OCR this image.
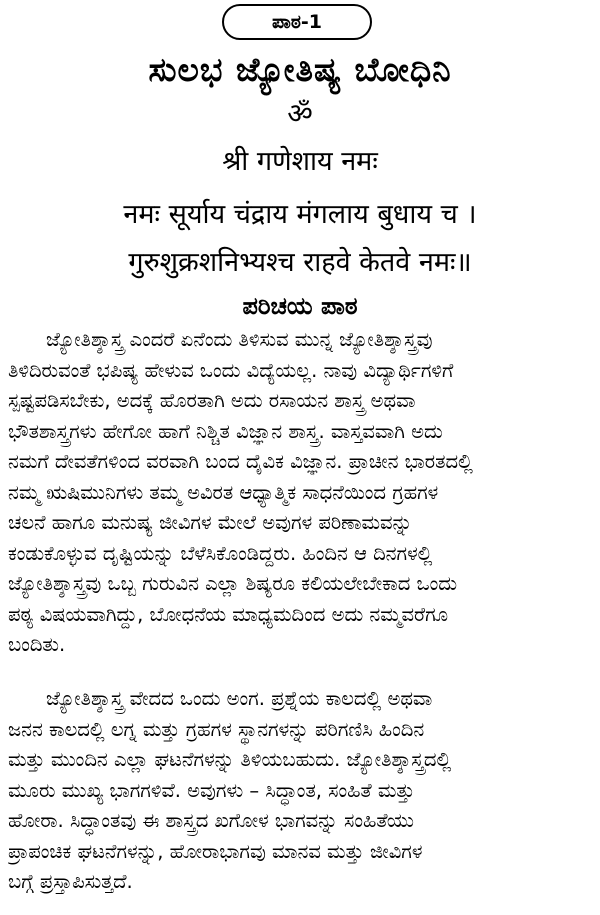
ಪಾಠ-1
ಸುಲಭ ಜ್ಯೋತಿಷ್ಯ ಬೋಧಿನಿ
ॐ
श्री गणेशाय नमः
नमः सूर्याय चंद्राय मंगलाय बुधाय च ।
गुरुशुक्रशनिभ्यश्च राहवे केतवे नमः॥
ಪರಿಚಯ ಪಾಠ
ಜ್ಯೋತಿಶ್ಶಾಸ್ತ್ರ ಎಂದರೆ ಏನೆಂದು ತಿಳಿಸುವ ಮುನ್ನ ಜ್ಯೋತಿಶ್ಶಾಸ್ತ್ರವು
ತಿಳಿದಿರುವಂತೆ ಭಪಿಷ್ಯ ಹೇಳುವ ಒಂದು ವಿದ್ಯೆಯಲ್ಲ. ನಾವು ವಿದ್ಯಾರ್ಥಿಗಳಿಗೆ
ಸ್ಪಷ್ಟಪಡಿಸಬೇಕು, ಅದಕ್ಕೆ ಹೊರತಾಗಿ ಅದು ರಸಾಯನ ಶಾಸ್ತ್ರ ಅಥವಾ
ಭೌತಶಾಸ್ತ್ರಗಳು ಹೇಗೋ ಹಾಗೆ ನಿಶ್ಚಿತ ವಿಜ್ಞಾನ ಶಾಸ್ತ್ರ. ವಾಸ್ತವವಾಗಿ ಅದು
ನಮಗೆ ದೇವತೆಗಳಿಂದ ವರವಾಗಿ ಬಂದ ದೈವಿಕ ವಿಜ್ಞಾನ. ಪ್ರಾಚೀನ ಭಾರತದಲ್ಲಿ
ನಮ್ಮ ಋಷಿಮುನಿಗಳು ತಮ್ಮ ಅವಿರತ ಆಧ್ಯಾತ್ಮಿಕ ಸಾಧನೆಯಿಂದ ಗ್ರಹಗಳ
ಚಲನೆ ಹಾಗೂ ಮನುಷ್ಯ ಜೀವಿಗಳ ಮೇಲೆ ಅವುಗಳ ಪರಿಣಾಮವನ್ನು
ಕಂಡುಕೊಳ್ಳುವ ದೃಷ್ಟಿಯನ್ನು ಬೆಳೆಸಿಕೊಂಡಿದ್ದರು. ಹಿಂದಿನ ಆ ದಿನಗಳಲ್ಲಿ
ಜ್ಯೋತಿಶ್ಶಾಸ್ತ್ರವು ಒಬ್ಬ ಗುರುವಿನ ಎಲ್ಲಾ ಶಿಷ್ಯರೂ ಕಲಿಯಲೇಬೇಕಾದ ಒಂದು
ಪಠ್ಯ ವಿಷಯವಾಗಿದ್ದು, ಬೋಧನೆಯ ಮಾಧ್ಯಮದಿಂದ ಅದು ನಮ್ಮವರೆಗೂ
ಬಂದಿತು.
ಜ್ಯೋತಿಶ್ಶಾಸ್ತ್ರ ವೇದದ ಒಂದು ಅಂಗ. ಪ್ರಶ್ನೆಯ ಕಾಲದಲ್ಲಿ ಅಥವಾ
ಜನನ ಕಾಲದಲ್ಲಿ ಲಗ್ನ ಮತ್ತು ಗ್ರಹಗಳ ಸ್ಥಾನಗಳನ್ನು ಪರಿಗಣಿಸಿ ಹಿಂದಿನ
ಮತ್ತು ಮುಂದಿನ ಎಲ್ಲಾ ಘಟನೆಗಳನ್ನು ತಿಳಿಯಬಹುದು. ಜ್ಯೋತಿಶ್ಶಾಸ್ತ್ರದಲ್ಲಿ
ಮೂರು ಮುಖ್ಯ ಭಾಗಗಳಿವೆ. ಅವುಗಳು – ಸಿದ್ಧಾಂತ, ಸಂಹಿತೆ ಮತ್ತು
ಹೋರಾ. ಸಿದ್ಧಾಂತವು ಈ ಶಾಸ್ತ್ರದ ಖಗೋಳ ಭಾಗವನ್ನು ಸಂಹಿತೆಯು
ಪ್ರಾಪಂಚಿಕ ಘಟನೆಗಳನ್ನು, ಹೋರಾಭಾಗವು ಮಾನವ ಮತ್ತು ಜೀವಿಗಳ
ಬಗ್ಗೆ ಪ್ರಸ್ತಾಪಿಸುತ್ತದೆ.
